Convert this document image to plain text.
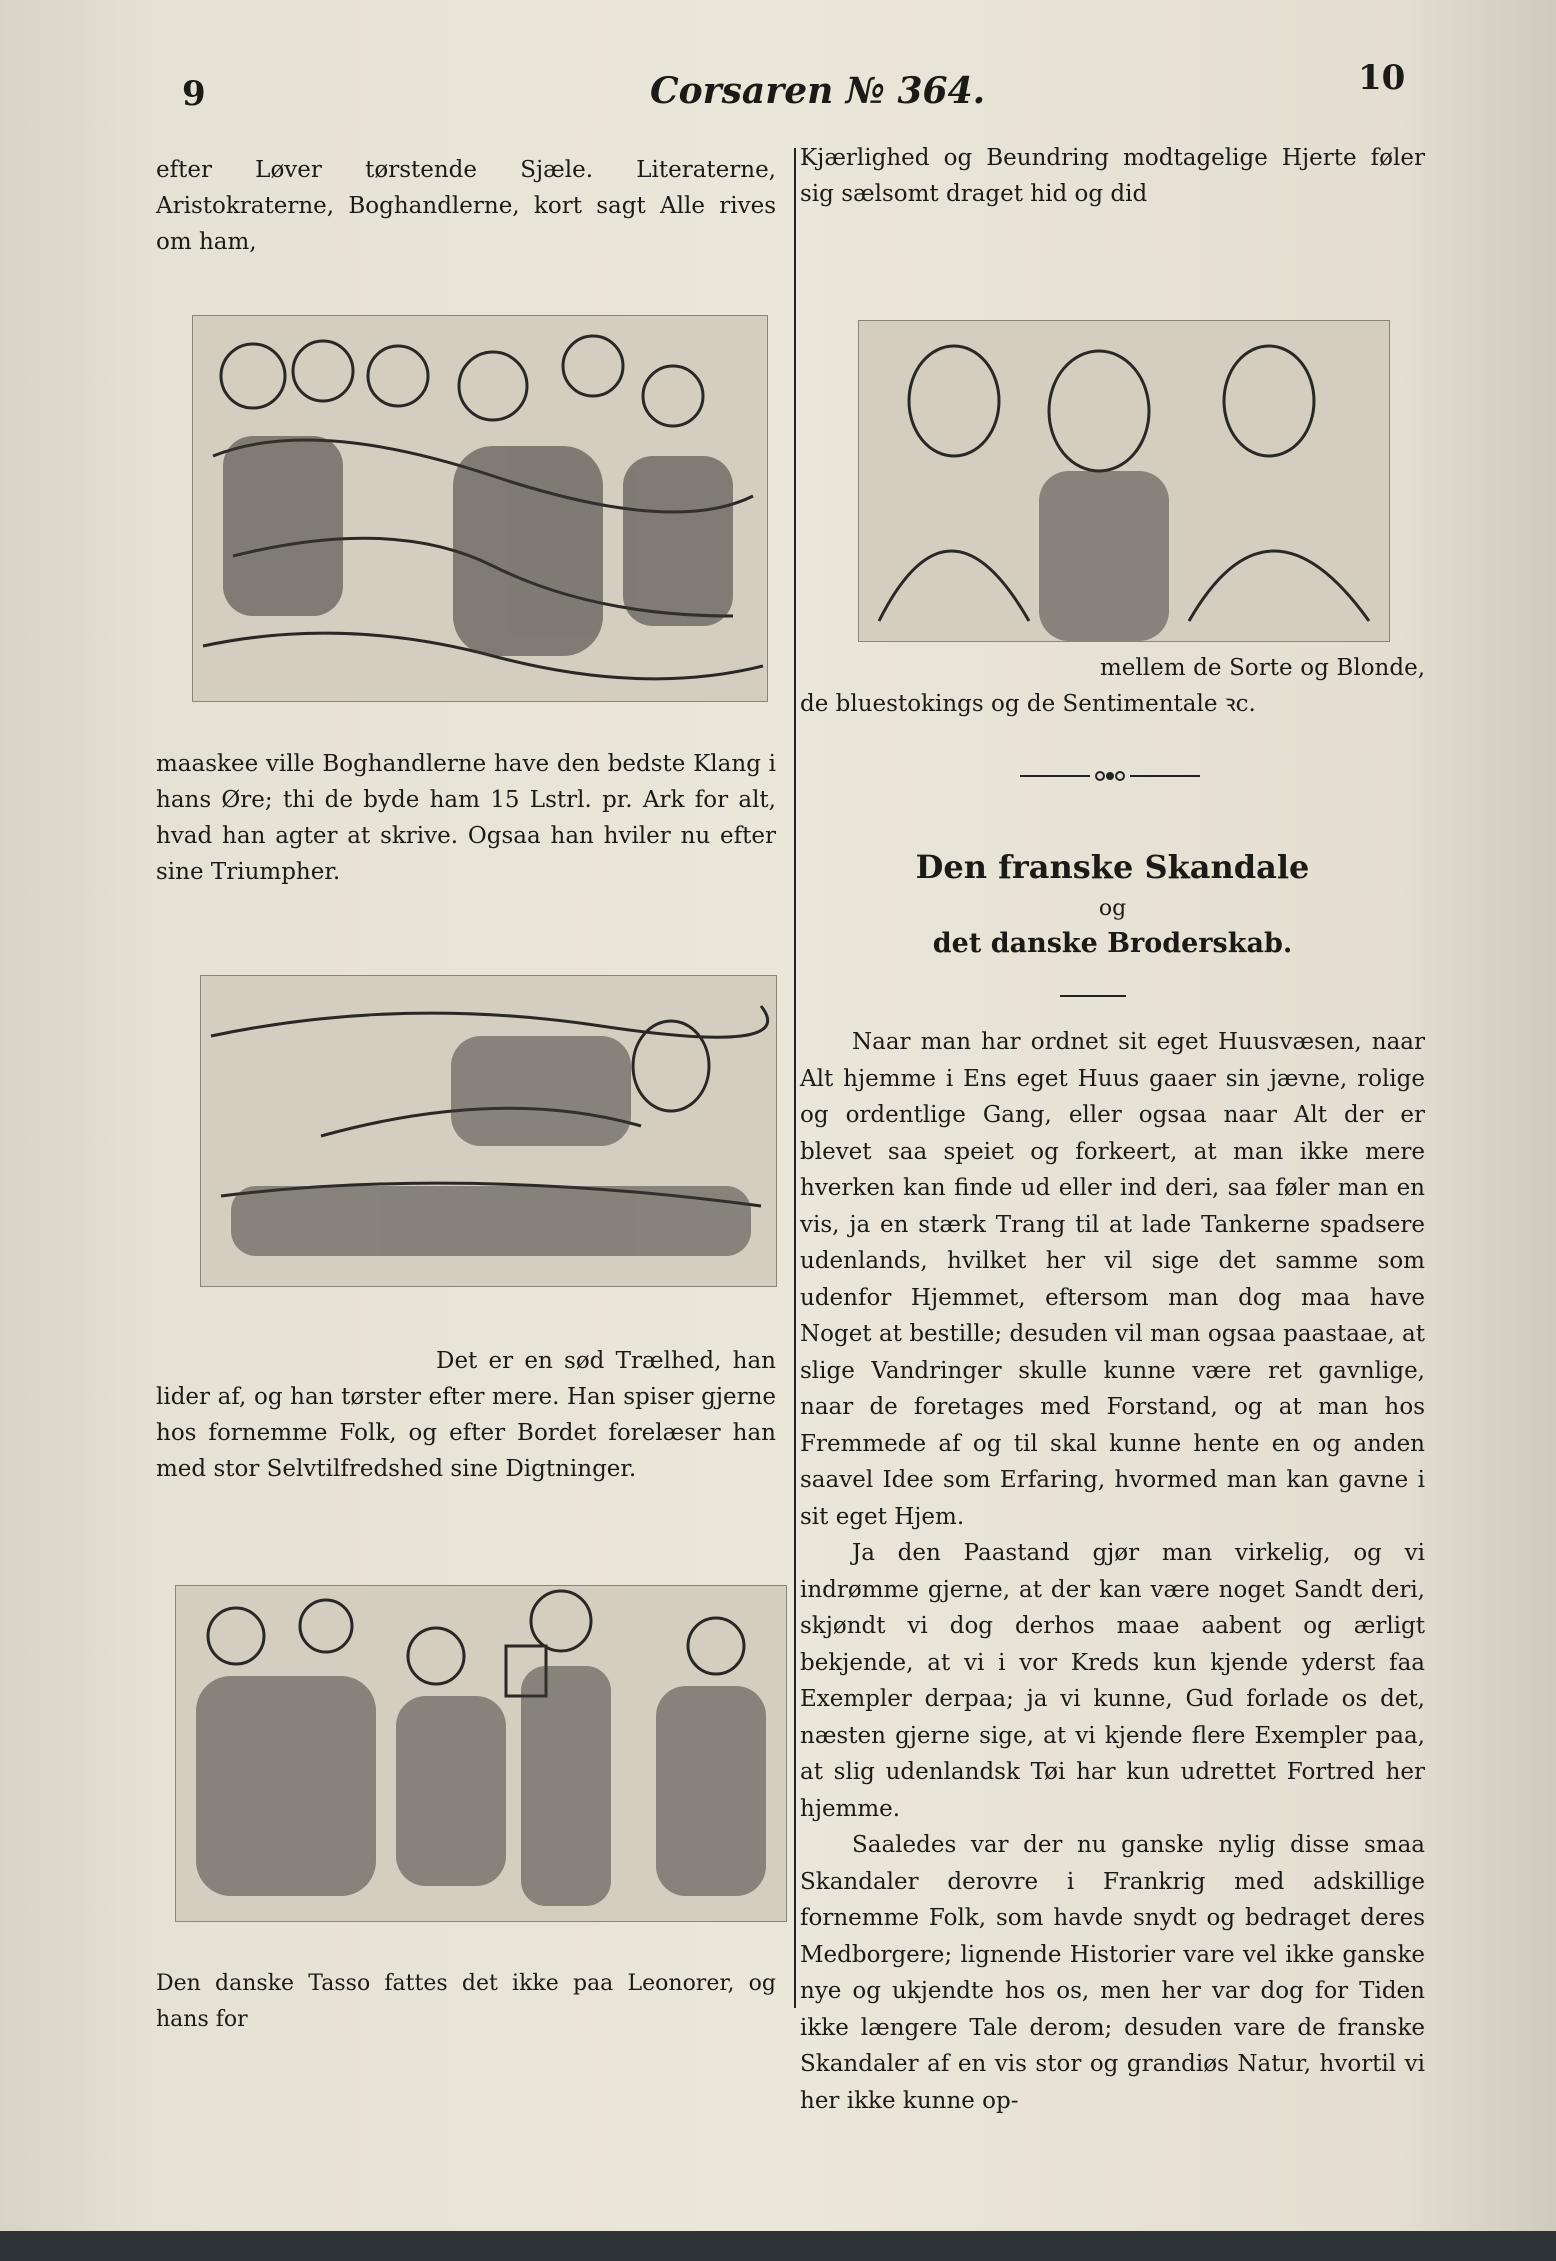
9	Corsaren № 364.	10

efter Løver tørstende Sjæle. Literaterne, Aristokraterne, Boghandlerne, kort sagt Alle rives om ham,

maaskee ville Boghandlerne have den bedste Klang i hans Øre; thi de byde ham 15 Lstrl. pr. Ark for alt, hvad han agter at skrive. Ogsaa han hviler nu efter sine Triumpher.

Det er en sød Trælhed, han lider af, og han tørster efter mere. Han spiser gjerne hos fornemme Folk, og efter Bordet forelæser han med stor Selvtilfredshed sine Digtninger.

Den danske Tasso fattes det ikke paa Leonorer, og hans for

Kjærlighed og Beundring modtagelige Hjerte føler sig sælsomt draget hid og did

mellem de Sorte og Blonde, de bluestokings og de Sentimentale ꝛc.

Den franske Skandale
og
det danske Broderskab.

Naar man har ordnet sit eget Huusvæsen, naar Alt hjemme i Ens eget Huus gaaer sin jævne, rolige og ordentlige Gang, eller ogsaa naar Alt der er blevet saa speiet og forkeert, at man ikke mere hverken kan finde ud eller ind deri, saa føler man en vis, ja en stærk Trang til at lade Tankerne spadsere udenlands, hvilket her vil sige det samme som udenfor Hjemmet, eftersom man dog maa have Noget at bestille; desuden vil man ogsaa paastaae, at slige Vandringer skulle kunne være ret gavnlige, naar de foretages med Forstand, og at man hos Fremmede af og til skal kunne hente en og anden saavel Idee som Erfaring, hvormed man kan gavne i sit eget Hjem.

Ja den Paastand gjør man virkelig, og vi indrømme gjerne, at der kan være noget Sandt deri, skjøndt vi dog derhos maae aabent og ærligt bekjende, at vi i vor Kreds kun kjende yderst faa Exempler derpaa; ja vi kunne, Gud forlade os det, næsten gjerne sige, at vi kjende flere Exempler paa, at slig udenlandsk Tøi har kun udrettet Fortred her hjemme.

Saaledes var der nu ganske nylig disse smaa Skandaler derovre i Frankrig med adskillige fornemme Folk, som havde snydt og bedraget deres Medborgere; lignende Historier vare vel ikke ganske nye og ukjendte hos os, men her var dog for Tiden ikke længere Tale derom; desuden vare de franske Skandaler af en vis stor og grandiøs Natur, hvortil vi her ikke kunne op-
